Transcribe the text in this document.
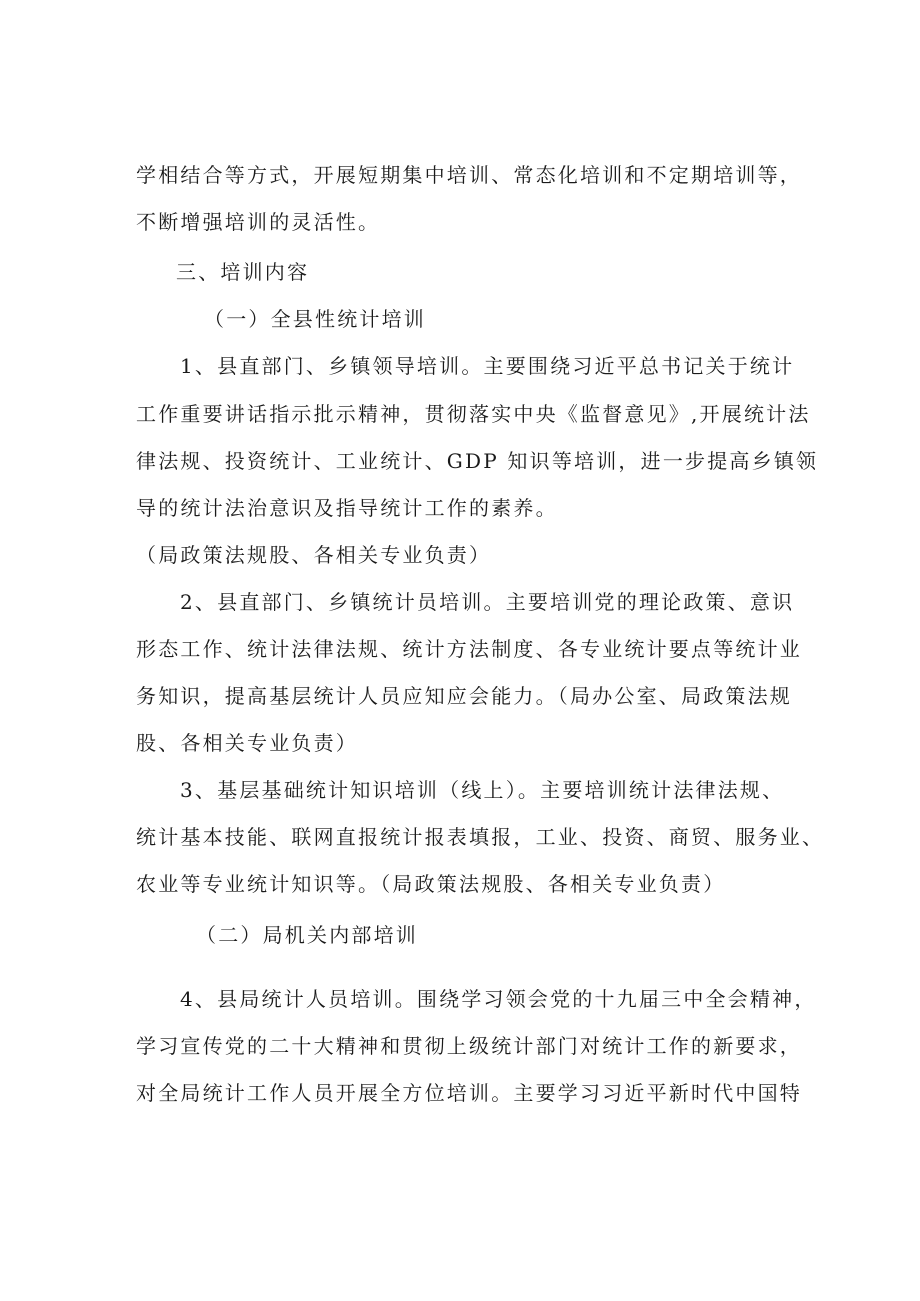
学相结合等方式，开展短期集中培训、常态化培训和不定期培训等，
不断增强培训的灵活性。
三、培训内容
（一）全县性统计培训
1、县直部门、乡镇领导培训。主要围绕习近平总书记关于统计
工作重要讲话指示批示精神，贯彻落实中央《监督意见》,开展统计法
律法规、投资统计、工业统计、GDP 知识等培训，进一步提高乡镇领
导的统计法治意识及指导统计工作的素养。
（局政策法规股、各相关专业负责）
2、县直部门、乡镇统计员培训。主要培训党的理论政策、意识
形态工作、统计法律法规、统计方法制度、各专业统计要点等统计业
务知识，提高基层统计人员应知应会能力。（局办公室、局政策法规
股、各相关专业负责）
3、基层基础统计知识培训（线上）。主要培训统计法律法规、
统计基本技能、联网直报统计报表填报，工业、投资、商贸、服务业、
农业等专业统计知识等。（局政策法规股、各相关专业负责）
（二）局机关内部培训
4、县局统计人员培训。围绕学习领会党的十九届三中全会精神，
学习宣传党的二十大精神和贯彻上级统计部门对统计工作的新要求，
对全局统计工作人员开展全方位培训。主要学习习近平新时代中国特
